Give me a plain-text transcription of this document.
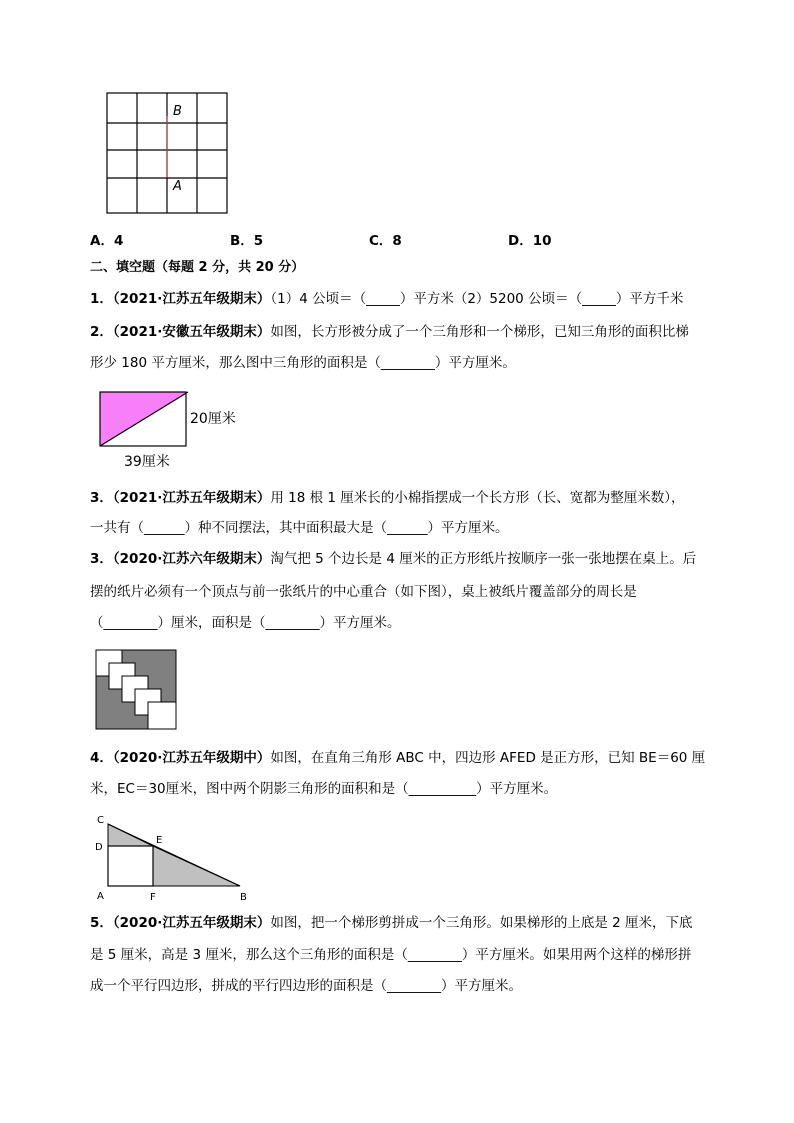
B
A
A．4	B．5	C．8	D．10
二、填空题（每题 2 分，共 20 分）
1．（2021·江苏五年级期末）（1）4 公顷＝（_____）平方米（2）5200 公顷＝（_____）平方千米
2．（2021·安徽五年级期末）如图，长方形被分成了一个三角形和一个梯形，已知三角形的面积比梯
形少 180 平方厘米，那么图中三角形的面积是（________）平方厘米。
20厘米
39厘米
3．（2021·江苏五年级期末）用 18 根 1 厘米长的小棉指摆成一个长方形（长、宽都为整厘米数），
一共有（______）种不同摆法，其中面积最大是（______）平方厘米。
3．（2020·江苏六年级期末）淘气把 5 个边长是 4 厘米的正方形纸片按顺序一张一张地摆在桌上。后
摆的纸片必须有一个顶点与前一张纸片的中心重合（如下图），桌上被纸片覆盖部分的周长是
（________）厘米，面积是（________）平方厘米。
4．（2020·江苏五年级期中）如图，在直角三角形 ABC 中，四边形 AFED 是正方形，已知 BE＝60 厘
米，EC＝30厘米，图中两个阴影三角形的面积和是（__________）平方厘米。
C
E
D
A	F	B
5．（2020·江苏五年级期末）如图，把一个梯形剪拼成一个三角形。如果梯形的上底是 2 厘米，下底
是 5 厘米，高是 3 厘米，那么这个三角形的面积是（________）平方厘米。如果用两个这样的梯形拼
成一个平行四边形，拼成的平行四边形的面积是（________）平方厘米。
